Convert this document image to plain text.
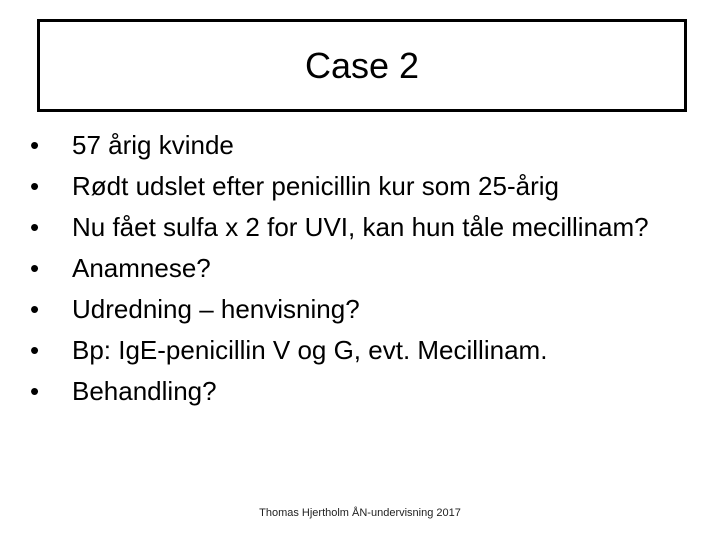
Case 2
• 57 årig kvinde
• Rødt udslet efter penicillin kur som 25-årig
• Nu fået sulfa x 2 for UVI, kan hun tåle mecillinam?
• Anamnese?
• Udredning – henvisning?
• Bp: IgE-penicillin V og G, evt. Mecillinam.
• Behandling?
Thomas Hjertholm ÅN-undervisning 2017
